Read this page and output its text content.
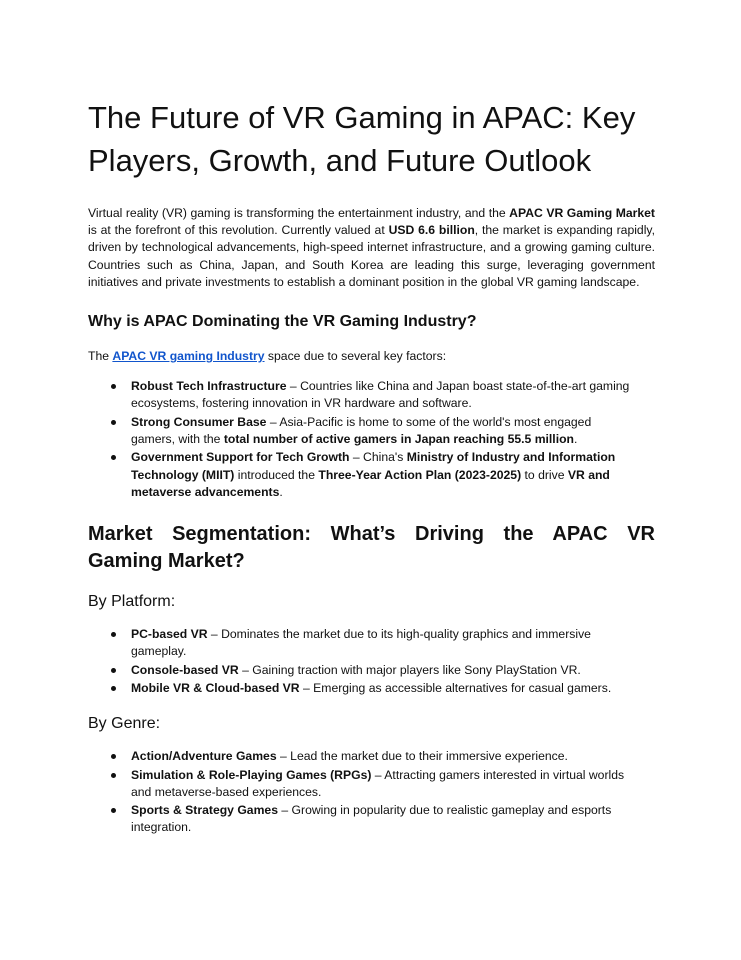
The Future of VR Gaming in APAC: Key Players, Growth, and Future Outlook

Virtual reality (VR) gaming is transforming the entertainment industry, and the APAC VR Gaming Market is at the forefront of this revolution. Currently valued at USD 6.6 billion, the market is expanding rapidly, driven by technological advancements, high-speed internet infrastructure, and a growing gaming culture. Countries such as China, Japan, and South Korea are leading this surge, leveraging government initiatives and private investments to establish a dominant position in the global VR gaming landscape.

Why is APAC Dominating the VR Gaming Industry?

The APAC VR gaming Industry space due to several key factors:

Robust Tech Infrastructure – Countries like China and Japan boast state-of-the-art gaming ecosystems, fostering innovation in VR hardware and software.
Strong Consumer Base – Asia-Pacific is home to some of the world's most engaged gamers, with the total number of active gamers in Japan reaching 55.5 million.
Government Support for Tech Growth – China's Ministry of Industry and Information Technology (MIIT) introduced the Three-Year Action Plan (2023-2025) to drive VR and metaverse advancements.
Market Segmentation: What’s Driving the APAC VR
Gaming Market?
By Platform:
PC-based VR – Dominates the market due to its high-quality graphics and immersive gameplay.
Console-based VR – Gaining traction with major players like Sony PlayStation VR.
Mobile VR & Cloud-based VR – Emerging as accessible alternatives for casual gamers.
By Genre:
Action/Adventure Games – Lead the market due to their immersive experience.
Simulation & Role-Playing Games (RPGs) – Attracting gamers interested in virtual worlds and metaverse-based experiences.
Sports & Strategy Games – Growing in popularity due to realistic gameplay and esports integration.
